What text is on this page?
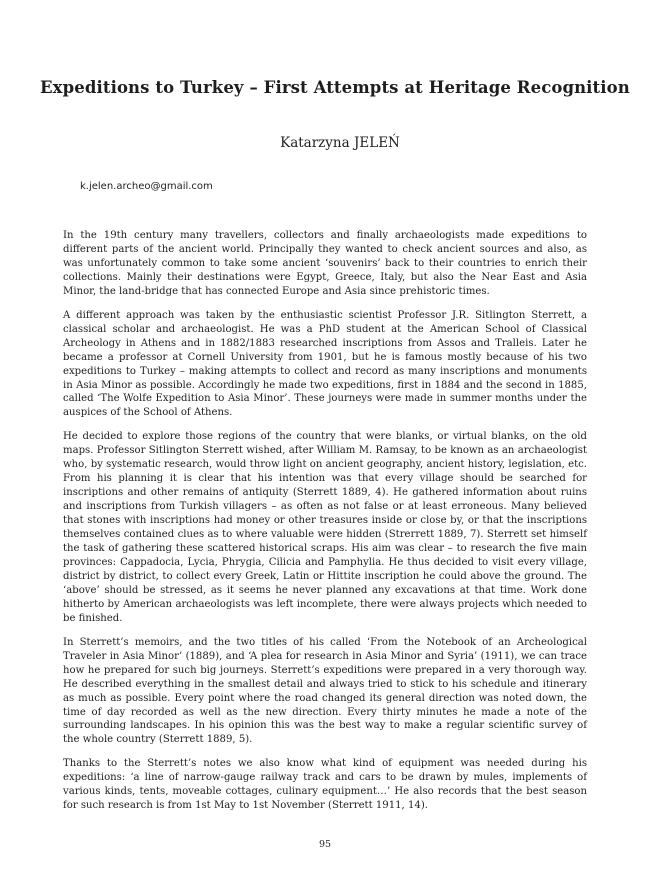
Expeditions to Turkey – First Attempts at Heritage Recognition
Katarzyna JELEŃ
k.jelen.archeo@gmail.com

In the 19th century many travellers, collectors and finally archaeologists made expeditions to different parts of the ancient world. Principally they wanted to check ancient sources and also, as was unfortunately common to take some ancient ‘souvenirs’ back to their countries to enrich their collections. Mainly their destinations were Egypt, Greece, Italy, but also the Near East and Asia Minor, the land-bridge that has connected Europe and Asia since prehistoric times.

A different approach was taken by the enthusiastic scientist Professor J.R. Sitlington Sterrett, a classical scholar and archaeologist. He was a PhD student at the American School of Classical Archeology in Athens and in 1882/1883 researched inscriptions from Assos and Tralleis. Later he became a professor at Cornell University from 1901, but he is famous mostly because of his two expeditions to Turkey – making attempts to collect and record as many inscriptions and monuments in Asia Minor as possible. Accordingly he made two expeditions, first in 1884 and the second in 1885, called ‘The Wolfe Expedition to Asia Minor’. These journeys were made in summer months under the auspices of the School of Athens.

He decided to explore those regions of the country that were blanks, or virtual blanks, on the old maps. Professor Sitlington Sterrett wished, after William M. Ramsay, to be known as an archaeologist who, by systematic research, would throw light on ancient geography, ancient history, legislation, etc. From his planning it is clear that his intention was that every village should be searched for inscriptions and other remains of antiquity (Sterrett 1889, 4). He gathered information about ruins and inscriptions from Turkish villagers – as often as not false or at least erroneous. Many believed that stones with inscriptions had money or other treasures inside or close by, or that the inscriptions themselves contained clues as to where valuable were hidden (Strerrett 1889, 7). Sterrett set himself the task of gathering these scattered historical scraps. His aim was clear – to research the five main provinces: Cappadocia, Lycia, Phrygia, Cilicia and Pamphylia. He thus decided to visit every village, district by district, to collect every Greek, Latin or Hittite inscription he could above the ground. The ‘above’ should be stressed, as it seems he never planned any excavations at that time. Work done hitherto by American archaeologists was left incomplete, there were always projects which needed to be finished.

In Sterrett’s memoirs, and the two titles of his called ‘From the Notebook of an Archeological Traveler in Asia Minor’ (1889), and ‘A plea for research in Asia Minor and Syria’ (1911), we can trace how he prepared for such big journeys. Sterrett’s expeditions were prepared in a very thorough way. He described everything in the smallest detail and always tried to stick to his schedule and itinerary as much as possible. Every point where the road changed its general direction was noted down, the time of day recorded as well as the new direction. Every thirty minutes he made a note of the surrounding landscapes. In his opinion this was the best way to make a regular scientific survey of the whole country (Sterrett 1889, 5).

Thanks to the Sterrett’s notes we also know what kind of equipment was needed during his expeditions: ‘a line of narrow-gauge railway track and cars to be drawn by mules, implements of various kinds, tents, moveable cottages, culinary equipment…’ He also records that the best season for such research is from 1st May to 1st November (Sterrett 1911, 14).

95
